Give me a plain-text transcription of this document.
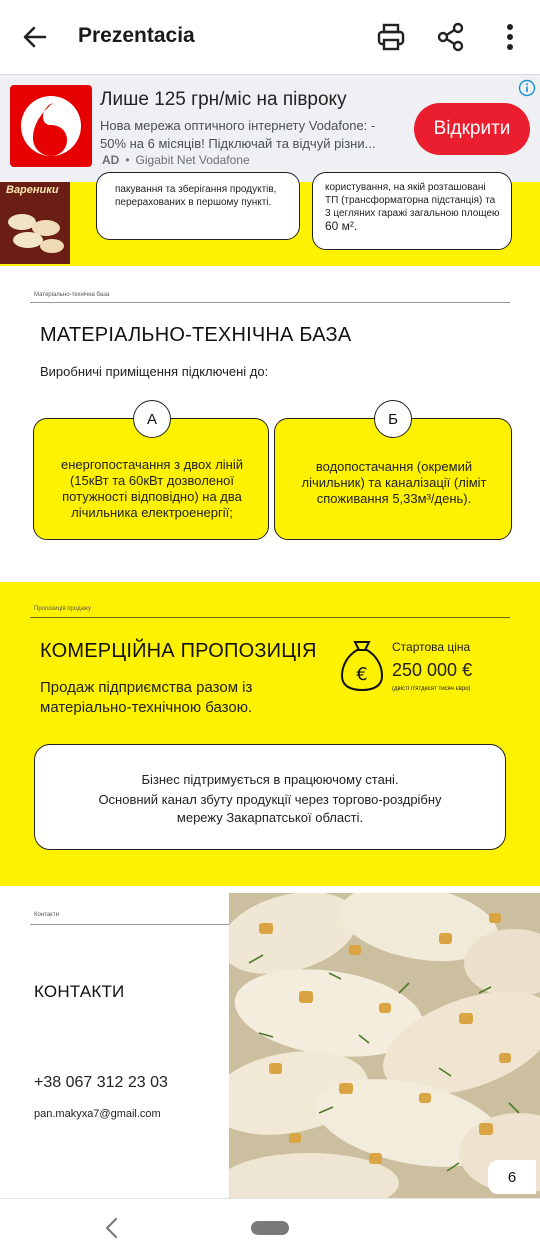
Prezentacia
Лише 125 грн/міс на півроку
Нова мережа оптичного інтернету Vodafone: - 50% на 6 місяців! Підключай та відчуй різни...
AD • Gigabit Net Vodafone
Відкрити
Вареники	пакування та зберігання продуктів, перерахованих в першому пункті.
користування, на якій розташовані ТП (трансформаторна підстанція) та 3 цегляних гаражі загальною площею
60 м².
Матеріально-технічна база
МАТЕРІАЛЬНО-ТЕХНІЧНА БАЗА
Виробничі приміщення підключені до:
енергопостачання з двох ліній (15кВт та 60кВт дозволеної потужності відповідно) на два лічильника електроенергії;
А
водопостачання (окремий лічильник) та каналізації (ліміт споживання 5,33м³/день).
Б
Пропозиція продажу
КОМЕРЦІЙНА ПРОПОЗИЦІЯ
Продаж підприємства разом із матеріально-технічною базою.
€
Стартова ціна
250 000 €
(двісті п'ятдесят тисяч євро)
Бізнес підтримується в працюючому стані.
Основний канал збуту продукції через торгово-роздрібну мережу Закарпатської області.
Контакти
КОНТАКТИ
+38 067 312 23 03
pan.makyxa7@gmail.com
6
